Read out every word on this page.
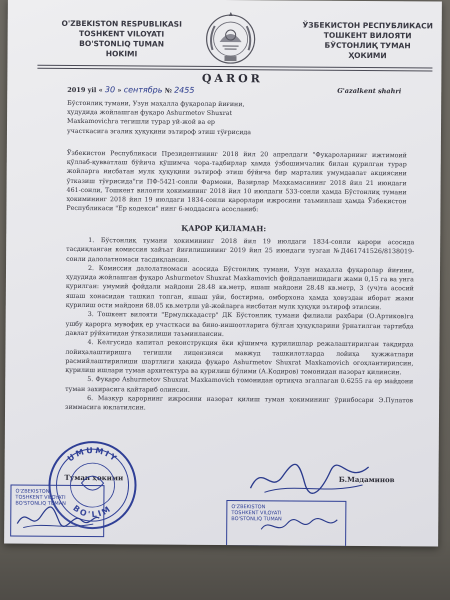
O'ZBEKISTON RESPUBLIKASI
TOSHKENT VILOYATI
BO'STONLIQ TUMAN
HOKIMI
ЎЗБЕКИСТОН РЕСПУБЛИКАСИ
ТОШКЕНТ ВИЛОЯТИ
БЎСТОНЛИҚ ТУМАН
ҲОКИМИ
QAROR
2019 yil « 30 » сентябрь № 2455	G'azalkent shahri
Бўстонлиқ тумани, Узун маҳалла фуқаролар йиғини, ҳудудида жойлашган фуқаро Ashurmetov Shuxrat Maxkamovichга тегишли турар уй-жой ва ер участкасига эгалик ҳуқуқини эътироф этиш тўғрисида
Ўзбекистон Республикаси Президентининг 2018 йил 20 апрелдаги "Фуқароларнинг ижтимоий қўллаб-қувватлаш бўйича қўшимча чора-тадбирлар ҳамда ўзбошимчалик билан қурилган турар жойларга нисбатан мулк ҳуқуқини эътироф этиш бўйича бир марталик умумдавлат акциясини ўтказиш тўғрисида"ги ПФ-5421-сонли Фармони, Вазирлар Маҳкамасининг 2018 йил 21 июндаги 461-сонли, Тошкент вилояти ҳокимининг 2018 йил 10 июлдаги 533-сонли ҳамда Бўстонлиқ тумани ҳокимининг 2018 йил 19 июлдаги 1834-сонли қарорлари ижросини таъминлаш ҳамда Ўзбекистон Республикаси "Ер кодекси" нинг 6-моддасига асосланиб:
ҚАРОР ҚИЛАМАН:

1. Бўстонлиқ тумани ҳокимининг 2018 йил 19 июлдаги 1834-сонли қарори асосида тасдиқланган комиссия хайъат йиғилишининг 2019 йил 25 июндаги тузган №Д461741526/8138019-сонли далолатномаси тасдиқлансин.

2. Комиссия далолатномаси асосида Бўстонлиқ тумани, Узун маҳалла фуқаролар йиғини, ҳудудида жойлашган фуқаро Ashurmetov Shuxrat Maxkamovich фойдаланишидаги жами 0,15 га ва унга қурилган: умумий фойдали майдони 28.48 кв.метр, яшаш майдони 28.48 кв.метр, 3 (уч)та асосий яшаш хонасидан ташкил топган, яшаш уйи, бостирма, омборхона ҳамда ҳовуздан иборат жами қурилиш ости майдони 68.05 кв.метрли уй-жойларга нисбатан мулк ҳуқуқи эътироф этилсин.

3. Тошкент вилояти "Ермулккадастр" ДК Бўстонлиқ тумани филиали раҳбари (О.Артиков)га ушбу қарорга мувофиқ ер участкаси ва бино-иншоотларига бўлган ҳуқуқларини ўрнатилган тартибда давлат рўйхатидан ўтказилиши таъминлансин.

4. Келгусида капитал реконструкция ёки қўшимча қурилишлар режалаштирилган тақдирда лойиҳалаштиришга тегишли лицензияси мавжуд ташкилотларда лойиҳа ҳужжатлари расмийлаштирилиши шартлиги ҳақида фуқаро Ashurmetov Shuxrat Maxkamovich огоҳлантирилсин, қурилиш ишлари туман архитектура ва қурилиш бўлими (А.Кодиров) томонидан назорат қилинсин.

5. Фуқаро Ashurmetov Shuxrat Maxkamovich томонидан ортиқча эгаллаган 0.6255 га ер майдони туман захирасига қайтариб олинсин.

6. Мазкур қарорнинг ижросини назорат қилиш туман ҳокимининг ўринбосари Э.Пулатов зиммасига юклатилсин.

Туман ҳокими	Б.Мадаминов
UMUMIY
BO'LIM
O'ZBEKISTON
TOSHKENT VILOYATI
BO'STONLIQ TUMAN
O'ZBEKISTON
TOSHKENT VILOYATI
BO'STONLIQ TUMAN
